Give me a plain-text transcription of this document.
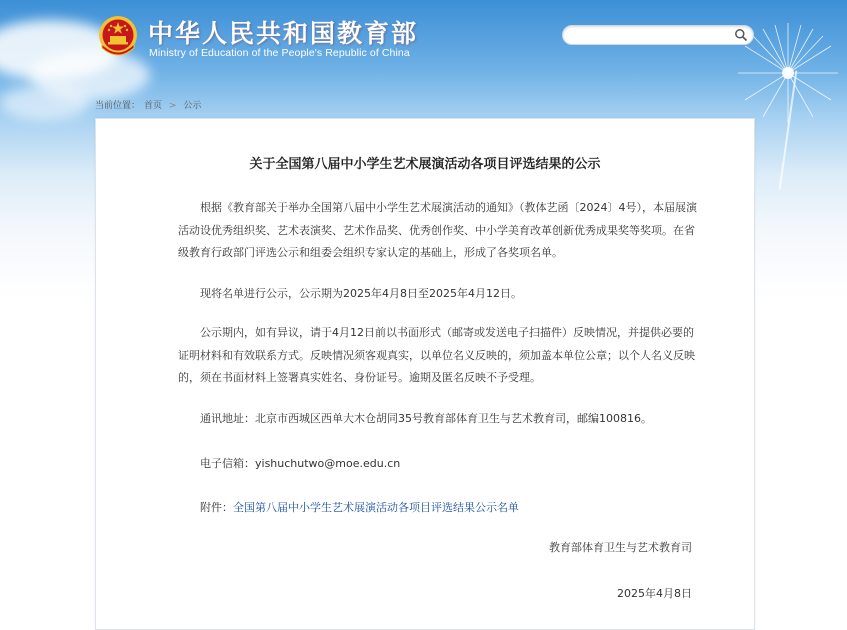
中华人民共和国教育部
Ministry of Education of the People's Republic of China
当前位置： 首页 > 公示
关于全国第八届中小学生艺术展演活动各项目评选结果的公示

根据《教育部关于举办全国第八届中小学生艺术展演活动的通知》（教体艺函〔2024〕4号），本届展演活动设优秀组织奖、艺术表演奖、艺术作品奖、优秀创作奖、中小学美育改革创新优秀成果奖等奖项。在省级教育行政部门评选公示和组委会组织专家认定的基础上，形成了各奖项名单。

现将名单进行公示，公示期为2025年4月8日至2025年4月12日。

公示期内，如有异议，请于4月12日前以书面形式（邮寄或发送电子扫描件）反映情况，并提供必要的证明材料和有效联系方式。反映情况须客观真实，以单位名义反映的，须加盖本单位公章；以个人名义反映的，须在书面材料上签署真实姓名、身份证号。逾期及匿名反映不予受理。

通讯地址：北京市西城区西单大木仓胡同35号教育部体育卫生与艺术教育司，邮编100816。

电子信箱：yishuchutwo@moe.edu.cn

附件：全国第八届中小学生艺术展演活动各项目评选结果公示名单

教育部体育卫生与艺术教育司
2025年4月8日
